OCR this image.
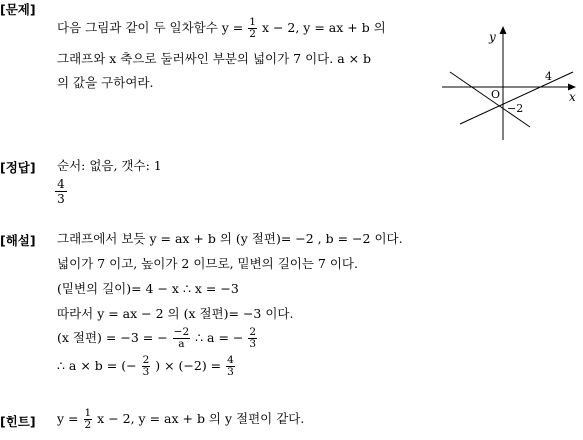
[문제]
다음 그림과 같이 두 일차함수 $y = \frac{1}{2}$ x − 2, y = ax + b 의
그래프와 x 축으로 둘러싸인 부분의 넓이가 7 이다. a × b
의 값을 구하여라.
y
x
O
4
−2
[정답] 순서: 없음, 갯수: 1
$\frac{4}{3}$
[해설] 그래프에서 보듯 y = ax + b 의 (y 절편)= −2 , b = −2 이다.
넓이가 7 이고, 높이가 2 이므로, 밑변의 길이는 7 이다.
(밑변의 길이)= 4 − x ∴ x = −3
따라서 y = ax − 2 의 (x 절편)= −3 이다.
(x 절편) = −3 = − $\frac{-2}{a}$ ∴ a = − $\frac{2}{3}$
∴ a × b = (− $\frac{2}{3}$ ) × $(-2) = \frac{4}{3}$
[힌트] $y = \frac{1}{2}$ x − 2, y = ax + b 의 y 절편이 같다.
